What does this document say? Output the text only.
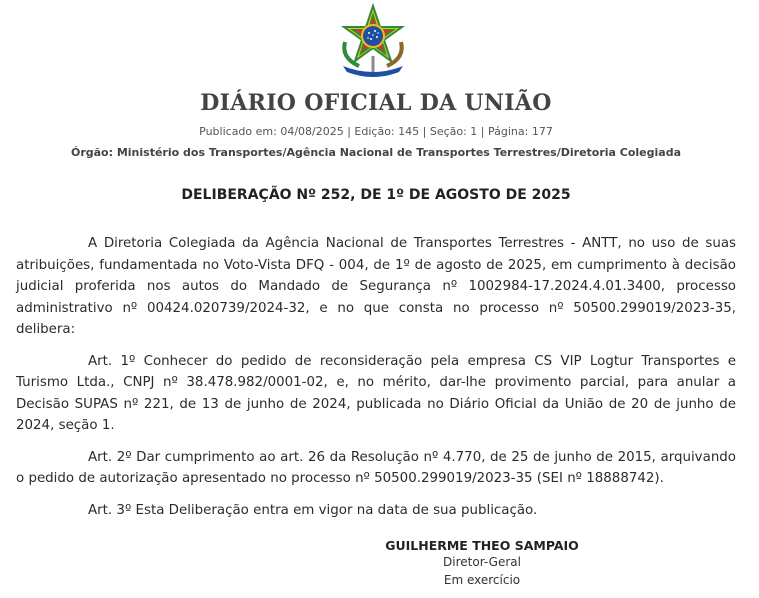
DIÁRIO OFICIAL DA UNIÃO
Publicado em: 04/08/2025 | Edição: 145 | Seção: 1 | Página: 177
Órgão: Ministério dos Transportes/Agência Nacional de Transportes Terrestres/Diretoria Colegiada
DELIBERAÇÃO Nº 252, DE 1º DE AGOSTO DE 2025

A Diretoria Colegiada da Agência Nacional de Transportes Terrestres - ANTT, no uso de suas atribuições, fundamentada no Voto-Vista DFQ - 004, de 1º de agosto de 2025, em cumprimento à decisão judicial proferida nos autos do Mandado de Segurança nº 1002984-17.2024.4.01.3400, processo administrativo nº 00424.020739/2024-32, e no que consta no processo nº 50500.299019/2023-35, delibera:

Art. 1º Conhecer do pedido de reconsideração pela empresa CS VIP Logtur Transportes e Turismo Ltda., CNPJ nº 38.478.982/0001-02, e, no mérito, dar-lhe provimento parcial, para anular a Decisão SUPAS nº 221, de 13 de junho de 2024, publicada no Diário Oficial da União de 20 de junho de 2024, seção 1.

Art. 2º Dar cumprimento ao art. 26 da Resolução nº 4.770, de 25 de junho de 2015, arquivando o pedido de autorização apresentado no processo nº 50500.299019/2023-35 (SEI nº 18888742).

Art. 3º Esta Deliberação entra em vigor na data de sua publicação.

GUILHERME THEO SAMPAIO
Diretor-Geral
Em exercício
